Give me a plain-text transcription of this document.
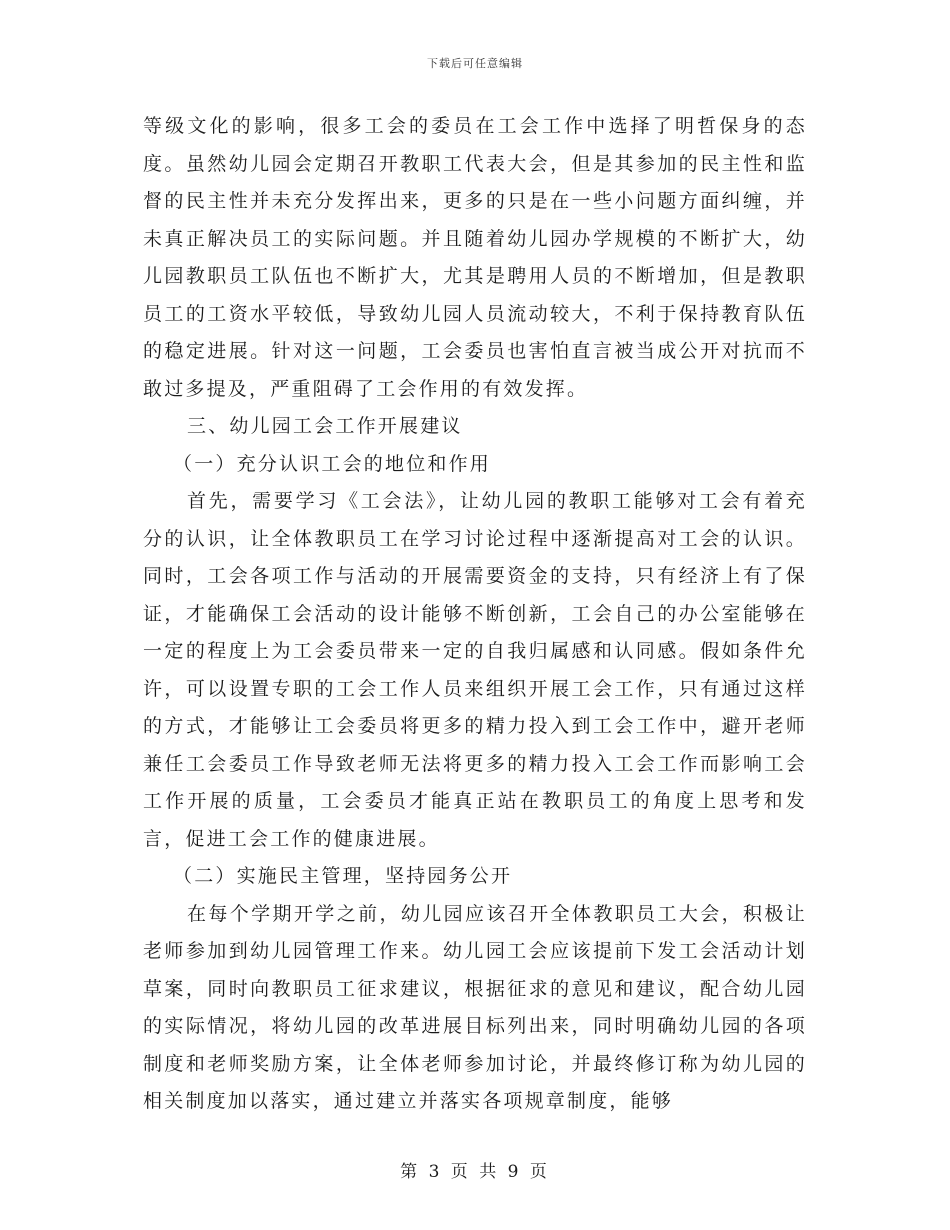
下载后可任意编辑

等级文化的影响，很多工会的委员在工会工作中选择了明哲保身的态度。虽然幼儿园会定期召开教职工代表大会，但是其参加的民主性和监督的民主性并未充分发挥出来，更多的只是在一些小问题方面纠缠，并未真正解决员工的实际问题。并且随着幼儿园办学规模的不断扩大，幼儿园教职员工队伍也不断扩大，尤其是聘用人员的不断增加，但是教职员工的工资水平较低，导致幼儿园人员流动较大，不利于保持教育队伍的稳定进展。针对这一问题，工会委员也害怕直言被当成公开对抗而不敢过多提及，严重阻碍了工会作用的有效发挥。

三、幼儿园工会工作开展建议

（一）充分认识工会的地位和作用

首先，需要学习《工会法》，让幼儿园的教职工能够对工会有着充分的认识，让全体教职员工在学习讨论过程中逐渐提高对工会的认识。同时，工会各项工作与活动的开展需要资金的支持，只有经济上有了保证，才能确保工会活动的设计能够不断创新，工会自己的办公室能够在一定的程度上为工会委员带来一定的自我归属感和认同感。假如条件允许，可以设置专职的工会工作人员来组织开展工会工作，只有通过这样的方式，才能够让工会委员将更多的精力投入到工会工作中，避开老师兼任工会委员工作导致老师无法将更多的精力投入工会工作而影响工会工作开展的质量，工会委员才能真正站在教职员工的角度上思考和发言，促进工会工作的健康进展。

（二）实施民主管理，坚持园务公开

在每个学期开学之前，幼儿园应该召开全体教职员工大会，积极让老师参加到幼儿园管理工作来。幼儿园工会应该提前下发工会活动计划草案，同时向教职员工征求建议，根据征求的意见和建议，配合幼儿园的实际情况，将幼儿园的改革进展目标列出来，同时明确幼儿园的各项制度和老师奖励方案，让全体老师参加讨论，并最终修订称为幼儿园的相关制度加以落实，通过建立并落实各项规章制度，能够

第 3 页 共 9 页
